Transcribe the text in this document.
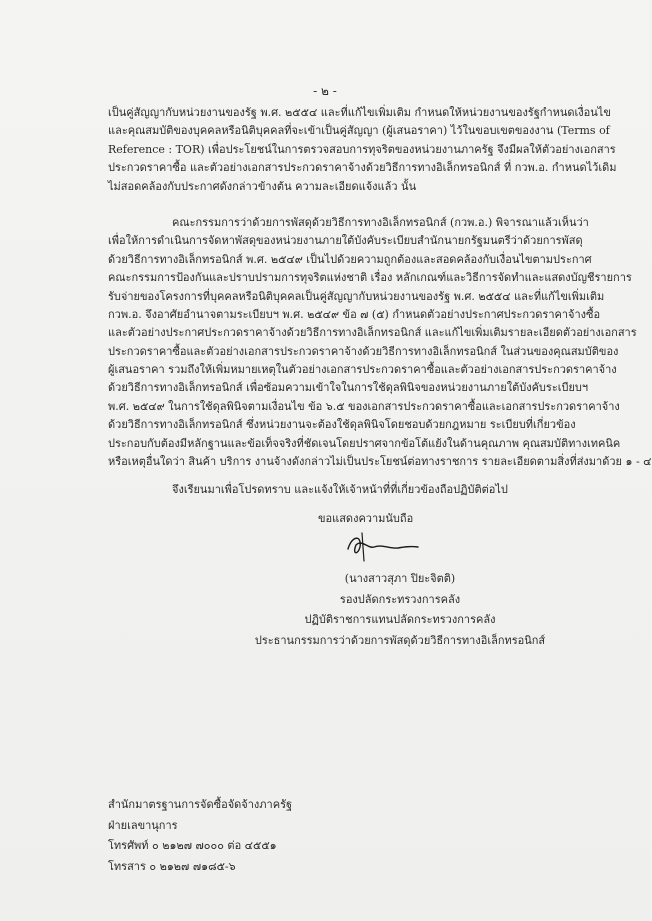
- ๒ -
เป็นคู่สัญญากับหน่วยงานของรัฐ พ.ศ. ๒๕๕๔ และที่แก้ไขเพิ่มเติม กำหนดให้หน่วยงานของรัฐกำหนดเงื่อนไข
และคุณสมบัติของบุคคลหรือนิติบุคคลที่จะเข้าเป็นคู่สัญญา (ผู้เสนอราคา) ไว้ในขอบเขตของงาน (Terms of
Reference : TOR) เพื่อประโยชน์ในการตรวจสอบการทุจริตของหน่วยงานภาครัฐ จึงมีผลให้ตัวอย่างเอกสาร
ประกวดราคาซื้อ และตัวอย่างเอกสารประกวดราคาจ้างด้วยวิธีการทางอิเล็กทรอนิกส์ ที่ กวพ.อ. กำหนดไว้เดิม
ไม่สอดคล้องกับประกาศดังกล่าวข้างต้น ความละเอียดแจ้งแล้ว นั้น
คณะกรรมการว่าด้วยการพัสดุด้วยวิธีการทางอิเล็กทรอนิกส์ (กวพ.อ.) พิจารณาแล้วเห็นว่า
เพื่อให้การดำเนินการจัดหาพัสดุของหน่วยงานภายใต้บังคับระเบียบสำนักนายกรัฐมนตรีว่าด้วยการพัสดุ
ด้วยวิธีการทางอิเล็กทรอนิกส์ พ.ศ. ๒๕๔๙ เป็นไปด้วยความถูกต้องและสอดคล้องกับเงื่อนไขตามประกาศ
คณะกรรมการป้องกันและปราบปรามการทุจริตแห่งชาติ เรื่อง หลักเกณฑ์และวิธีการจัดทำและแสดงบัญชีรายการ
รับจ่ายของโครงการที่บุคคลหรือนิติบุคคลเป็นคู่สัญญากับหน่วยงานของรัฐ พ.ศ. ๒๕๕๔ และที่แก้ไขเพิ่มเติม
กวพ.อ. จึงอาศัยอำนาจตามระเบียบฯ พ.ศ. ๒๕๔๙ ข้อ ๗ (๕) กำหนดตัวอย่างประกาศประกวดราคาจ้างซื้อ
และตัวอย่างประกาศประกวดราคาจ้างด้วยวิธีการทางอิเล็กทรอนิกส์ และแก้ไขเพิ่มเติมรายละเอียดตัวอย่างเอกสาร
ประกวดราคาซื้อและตัวอย่างเอกสารประกวดราคาจ้างด้วยวิธีการทางอิเล็กทรอนิกส์ ในส่วนของคุณสมบัติของ
ผู้เสนอราคา รวมถึงให้เพิ่มหมายเหตุในตัวอย่างเอกสารประกวดราคาซื้อและตัวอย่างเอกสารประกวดราคาจ้าง
ด้วยวิธีการทางอิเล็กทรอนิกส์ เพื่อซ้อมความเข้าใจในการใช้ดุลพินิจของหน่วยงานภายใต้บังคับระเบียบฯ
พ.ศ. ๒๕๔๙ ในการใช้ดุลพินิจตามเงื่อนไข ข้อ ๖.๕ ของเอกสารประกวดราคาซื้อและเอกสารประกวดราคาจ้าง
ด้วยวิธีการทางอิเล็กทรอนิกส์ ซึ่งหน่วยงานจะต้องใช้ดุลพินิจโดยชอบด้วยกฎหมาย ระเบียบที่เกี่ยวข้อง
ประกอบกับต้องมีหลักฐานและข้อเท็จจริงที่ชัดเจนโดยปราศจากข้อโต้แย้งในด้านคุณภาพ คุณสมบัติทางเทคนิค
หรือเหตุอื่นใดว่า สินค้า บริการ งานจ้างดังกล่าวไม่เป็นประโยชน์ต่อทางราชการ รายละเอียดตามสิ่งที่ส่งมาด้วย ๑ - ๔
จึงเรียนมาเพื่อโปรดทราบ และแจ้งให้เจ้าหน้าที่ที่เกี่ยวข้องถือปฏิบัติต่อไป
ขอแสดงความนับถือ
(นางสาวสุภา ปิยะจิตติ)
รองปลัดกระทรวงการคลัง
ปฏิบัติราชการแทนปลัดกระทรวงการคลัง
ประธานกรรมการว่าด้วยการพัสดุด้วยวิธีการทางอิเล็กทรอนิกส์
สำนักมาตรฐานการจัดซื้อจัดจ้างภาครัฐ
ฝ่ายเลขานุการ
โทรศัพท์ ๐ ๒๑๒๗ ๗๐๐๐ ต่อ ๔๕๕๑
โทรสาร ๐ ๒๑๒๗ ๗๑๘๕-๖
